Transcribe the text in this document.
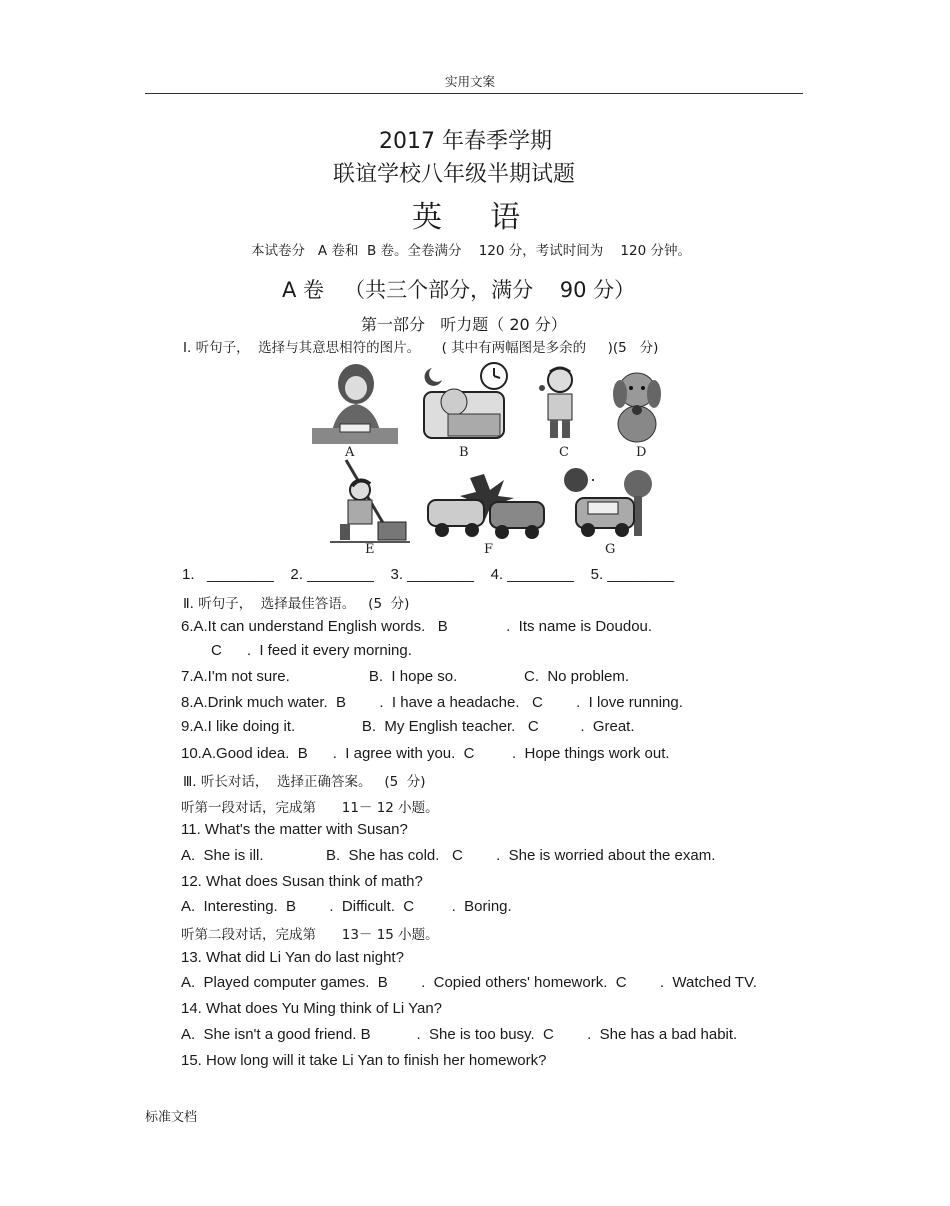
实用文案
2017 年春季学期
联谊学校八年级半期试题
英    语
本试卷分   A 卷和  B 卷。全卷满分    120 分，考试时间为    120 分钟。
A 卷   （共三个部分，满分    90 分）
第一部分   听力题（ 20 分）
Ⅰ. 听句子，  选择与其意思相符的图片。     ( 其中有两幅图是多余的     )(5   分)
A	B	C	D
E	F	G
1.   ________    2. ________    3. ________    4. ________    5. ________
Ⅱ. 听句子，  选择最佳答语。   (5  分)
6.A.It can understand English words.   B              .  Its name is Doudou.
C      .  I feed it every morning.
7.A.I'm not sure.                   B.  I hope so.                C.  No problem.
8.A.Drink much water.  B        .  I have a headache.   C        .  I love running.
9.A.I like doing it.                B.  My English teacher.   C          .  Great.
10.A.Good idea.  B      .  I agree with you.  C         .  Hope things work out.
Ⅲ. 听长对话，  选择正确答案。   (5  分)
听第一段对话，完成第      11－ 12 小题。
11. What's the matter with Susan?
A.  She is ill.               B.  She has cold.   C        .  She is worried about the exam.
12. What does Susan think of math?
A.  Interesting.  B        .  Difficult.  C         .  Boring.
听第二段对话，完成第      13－ 15 小题。
13. What did Li Yan do last night?
A.  Played computer games.  B        .  Copied others' homework.  C        .  Watched TV.
14. What does Yu Ming think of Li Yan?
A.  She isn't a good friend. B           .  She is too busy.  C        .  She has a bad habit.
15. How long will it take Li Yan to finish her homework?
标准文档
